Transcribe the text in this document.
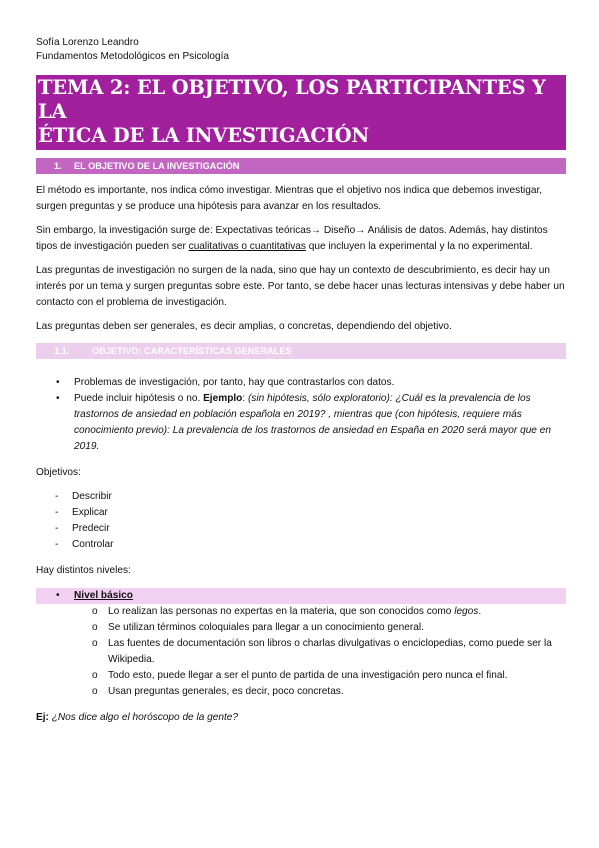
Sofía Lorenzo Leandro
Fundamentos Metodológicos en Psicología
TEMA 2: EL OBJETIVO, LOS PARTICIPANTES Y LA
ÉTICA DE LA INVESTIGACIÓN
1. EL OBJETIVO DE LA INVESTIGACIÓN

El método es importante, nos indica cómo investigar. Mientras que el objetivo nos indica que debemos investigar, surgen preguntas y se produce una hipótesis para avanzar en los resultados.

Sin embargo, la investigación surge de: Expectativas teóricas→ Diseño→ Análisis de datos. Además, hay distintos tipos de investigación pueden ser cualitativas o cuantitativas que incluyen la experimental y la no experimental.

Las preguntas de investigación no surgen de la nada, sino que hay un contexto de descubrimiento, es decir hay un interés por un tema y surgen preguntas sobre este. Por tanto, se debe hacer unas lecturas intensivas y debe haber un contacto con el problema de investigación.

Las preguntas deben ser generales, es decir amplias, o concretas, dependiendo del objetivo.

1.1. OBJETIVO: CARACTERÍSTICAS GENERALES
• Problemas de investigación, por tanto, hay que contrastarlos con datos.
• Puede incluir hipótesis o no. Ejemplo: (sin hipótesis, sólo exploratorio): ¿Cuál es la prevalencia de los trastornos de ansiedad en población española en 2019? , mientras que (con hipótesis, requiere más conocimiento previo): La prevalencia de los trastornos de ansiedad en España en 2020 será mayor que en 2019.

Objetivos:

- Describir
- Explicar
- Predecir
- Controlar

Hay distintos niveles:

• Nivel básico
o Lo realizan las personas no expertas en la materia, que son conocidos como legos.
o Se utilizan términos coloquiales para llegar a un conocimiento general.
o Las fuentes de documentación son libros o charlas divulgativas o enciclopedias, como puede ser la Wikipedia.
o Todo esto, puede llegar a ser el punto de partida de una investigación pero nunca el final.
o Usan preguntas generales, es decir, poco concretas.

Ej: ¿Nos dice algo el horóscopo de la gente?
